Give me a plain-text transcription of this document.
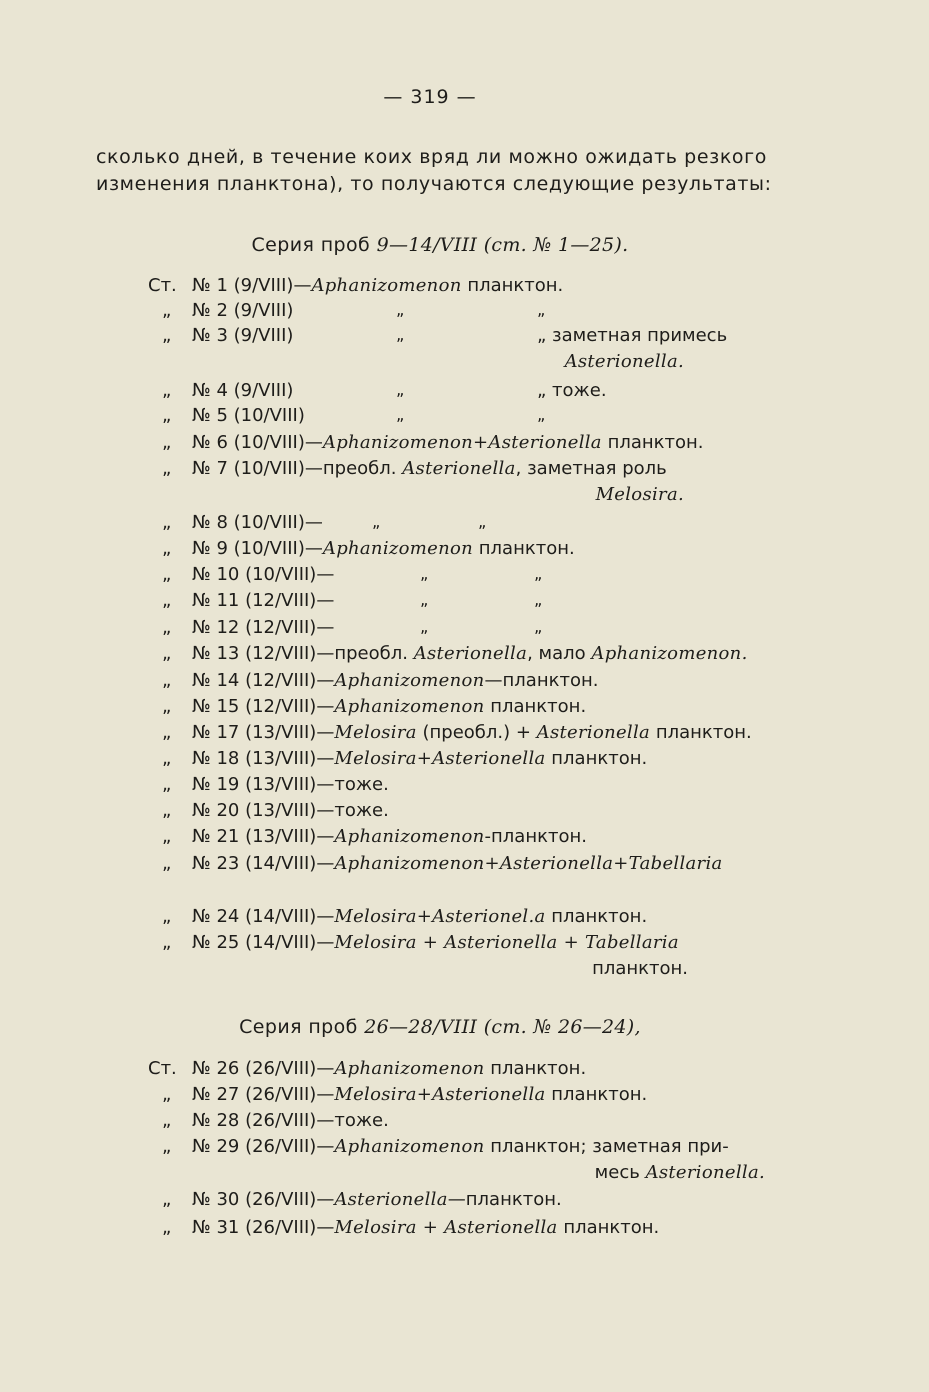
— 319 —
сколько дней, в течение коих вряд ли можно ожидать резкого
изменения планктона), то получаются следующие результаты:
Серия проб 9—14/VIII (ст. № 1—25).
Ст. № 1 (9/VIII)—Aphanizomenon планктон.
„	№ 2 (9/VIII)	„	„
„	№ 3 (9/VIII)	„	„ заметная примесь
Asterionella.
„	№ 4 (9/VIII)	„	„ тоже.
„	№ 5 (10/VIII)	„	„
„	№ 6 (10/VIII)—Aphanizomenon+Asterionella планктон.
„	№ 7 (10/VIII)—преобл. Asterionella, заметная роль
Melosira.
„	№ 8 (10/VIII)—	„	„
„	№ 9 (10/VIII)—Aphanizomenon планктон.
„	№ 10 (10/VIII)—	„	„
„	№ 11 (12/VIII)—	„	„
„	№ 12 (12/VIII)—	„	„
„	№ 13 (12/VIII)—преобл. Asterionella, мало Aphanizomenon.
„	№ 14 (12/VIII)—Aphanizomenon—планктон.
„	№ 15 (12/VIII)—Aphanizomenon планктон.
„	№ 17 (13/VIII)—Melosira (преобл.) + Asterionella планктон.
„	№ 18 (13/VIII)—Melosira+Asterionella планктон.
„	№ 19 (13/VIII)—тоже.
„	№ 20 (13/VIII)—тоже.
„	№ 21 (13/VIII)—Aphanizomenon-планктон.
„	№ 23 (14/VIII)—Aphanizomenon+Asterionella+Tabellaria
„	№ 24 (14/VIII)—Melosira+Asterionel.a планктон.
„	№ 25 (14/VIII)—Melosira + Asterionella + Tabellaria
планктон.
Серия проб 26—28/VIII (ст. № 26—24),
Ст. № 26 (26/VIII)—Aphanizomenon планктон.
„	№ 27 (26/VIII)—Melosira+Asterionella планктон.
„	№ 28 (26/VIII)—тоже.
„	№ 29 (26/VIII)—Aphanizomenon планктон; заметная при-
месь Asterionella.
„	№ 30 (26/VIII)—Asterionella—планктон.
„	№ 31 (26/VIII)—Melosira + Asterionella планктон.
